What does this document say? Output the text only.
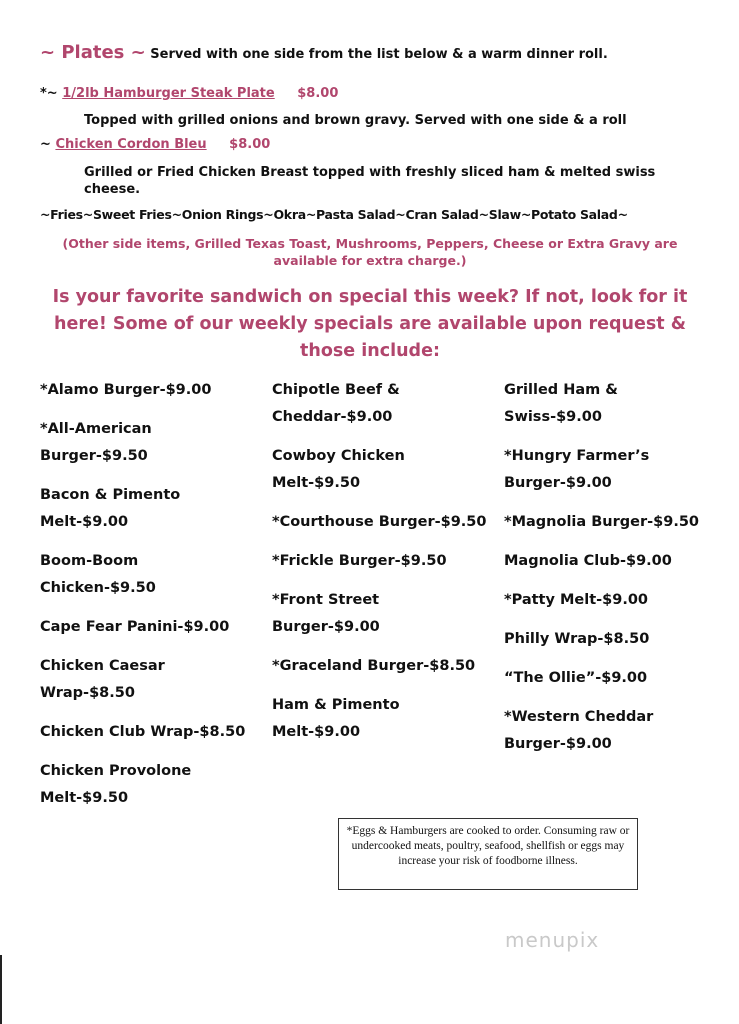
~ Plates ~ Served with one side from the list below & a warm dinner roll.
*~ 1/2lb Hamburger Steak Plate $8.00
Topped with grilled onions and brown gravy. Served with one side & a roll
~ Chicken Cordon Bleu $8.00
Grilled or Fried Chicken Breast topped with freshly sliced ham & melted swiss cheese.
~Fries~Sweet Fries~Onion Rings~Okra~Pasta Salad~Cran Salad~Slaw~Potato Salad~
(Other side items, Grilled Texas Toast, Mushrooms, Peppers, Cheese or Extra Gravy are available for extra charge.)
Is your favorite sandwich on special this week? If not, look for it here! Some of our weekly specials are available upon request & those include:
*Alamo Burger-$9.00
*All-American Burger-$9.50
Bacon & Pimento Melt-$9.00
Boom-Boom Chicken-$9.50
Cape Fear Panini-$9.00
Chicken Caesar Wrap-$8.50
Chicken Club Wrap-$8.50
Chicken Provolone Melt-$9.50
Chipotle Beef & Cheddar-$9.00
Cowboy Chicken Melt-$9.50
*Courthouse Burger-$9.50
*Frickle Burger-$9.50
*Front Street Burger-$9.00
*Graceland Burger-$8.50
Ham & Pimento Melt-$9.00
Grilled Ham & Swiss-$9.00
*Hungry Farmer’s Burger-$9.00
*Magnolia Burger-$9.50
Magnolia Club-$9.00
*Patty Melt-$9.00
Philly Wrap-$8.50
“The Ollie”-$9.00
*Western Cheddar Burger-$9.00
*Eggs & Hamburgers are cooked to order. Consuming raw or undercooked meats, poultry, seafood, shellfish or eggs may increase your risk of foodborne illness.
menupix
